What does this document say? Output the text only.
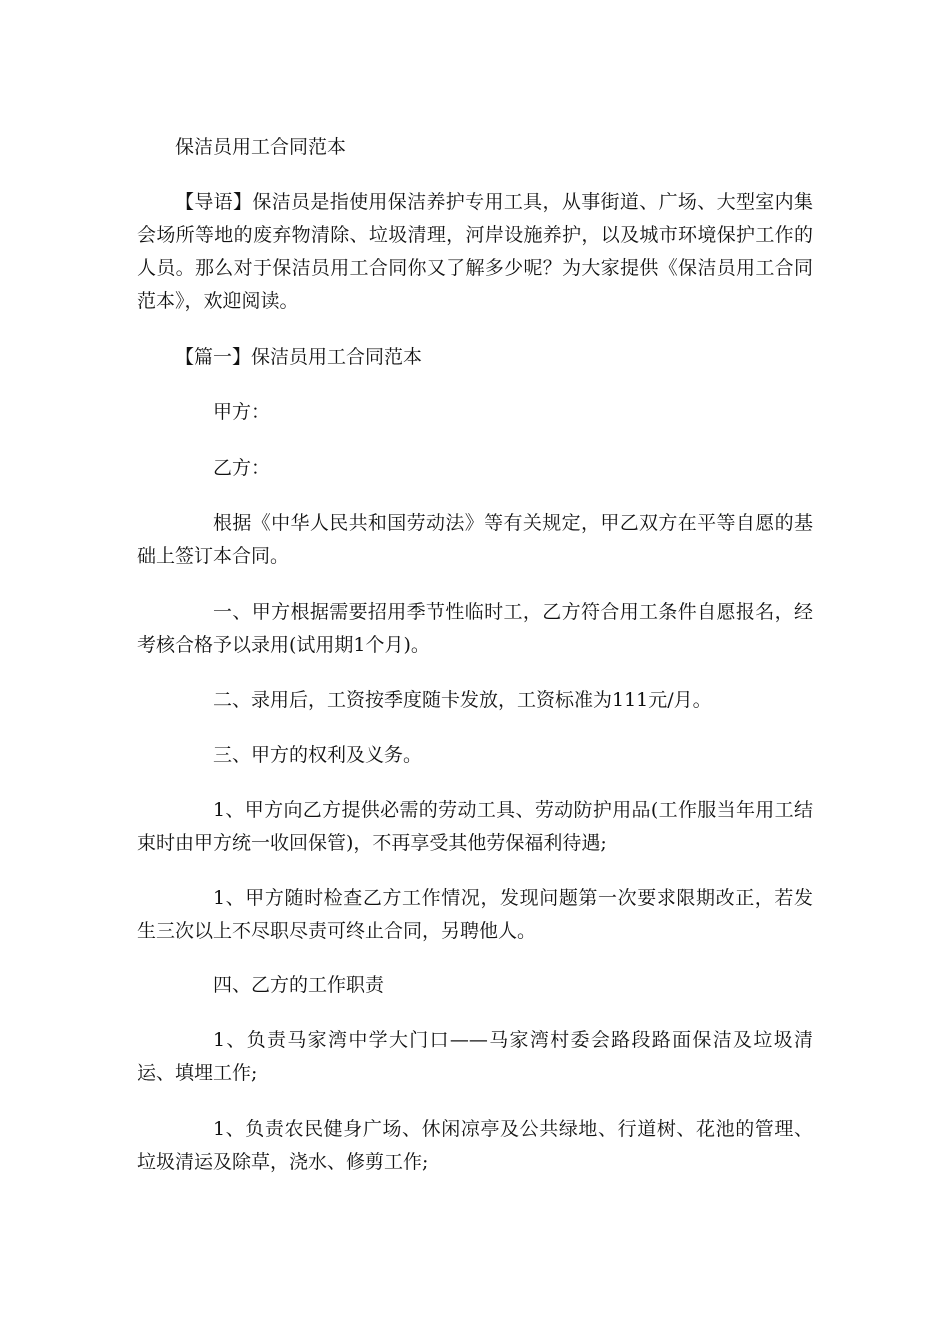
保洁员用工合同范本

【导语】保洁员是指使用保洁养护专用工具，从事街道、广场、大型室内集会场所等地的废弃物清除、垃圾清理，河岸设施养护，以及城市环境保护工作的人员。那么对于保洁员用工合同你又了解多少呢？为大家提供《保洁员用工合同范本》，欢迎阅读。

【篇一】保洁员用工合同范本

甲方：

乙方：

根据《中华人民共和国劳动法》等有关规定，甲乙双方在平等自愿的基础上签订本合同。

一、甲方根据需要招用季节性临时工，乙方符合用工条件自愿报名，经考核合格予以录用(试用期1个月)。

二、录用后，工资按季度随卡发放，工资标准为111元/月。

三、甲方的权利及义务。

1、甲方向乙方提供必需的劳动工具、劳动防护用品(工作服当年用工结束时由甲方统一收回保管)，不再享受其他劳保福利待遇;

1、甲方随时检查乙方工作情况，发现问题第一次要求限期改正，若发生三次以上不尽职尽责可终止合同，另聘他人。

四、乙方的工作职责

1、负责马家湾中学大门口——马家湾村委会路段路面保洁及垃圾清运、填埋工作;

1、负责农民健身广场、休闲凉亭及公共绿地、行道树、花池的管理、垃圾清运及除草，浇水、修剪工作;
